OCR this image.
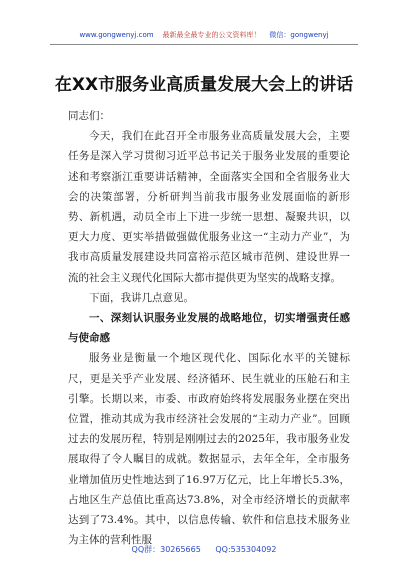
www.gongwenyj.com 最新最全最专业的公文资料库！ 微信：gongwenyj
在XX市服务业高质量发展大会上的讲话

同志们：

今天，我们在此召开全市服务业高质量发展大会，主要任务是深入学习贯彻习近平总书记关于服务业发展的重要论述和考察浙江重要讲话精神，全面落实全国和全省服务业大会的决策部署，分析研判当前我市服务业发展面临的新形势、新机遇，动员全市上下进一步统一思想、凝聚共识，以更大力度、更实举措做强做优服务业这一“主动力产业”，为我市高质量发展建设共同富裕示范区城市范例、建设世界一流的社会主义现代化国际大都市提供更为坚实的战略支撑。

下面，我讲几点意见。

一、深刻认识服务业发展的战略地位，切实增强责任感与使命感

服务业是衡量一个地区现代化、国际化水平的关键标尺，更是关乎产业发展、经济循环、民生就业的压舱石和主引擎。长期以来，市委、市政府始终将发展服务业摆在突出位置，推动其成为我市经济社会发展的“主动力产业”。回顾过去的发展历程，特别是刚刚过去的2025年，我市服务业发展取得了令人瞩目的成就。数据显示，去年全年，全市服务业增加值历史性地达到了16.97万亿元，比上年增长5.3%，占地区生产总值比重高达73.8%，对全市经济增长的贡献率达到了73.4%。其中，以信息传输、软件和信息技术服务业为主体的营利性服

QQ群：30265665 QQ:535304092
